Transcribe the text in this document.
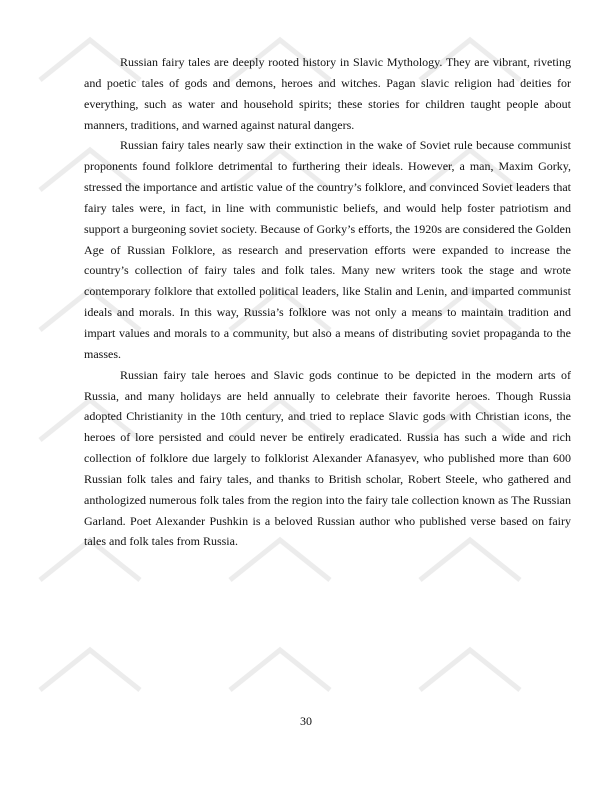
Russian fairy tales are deeply rooted history in Slavic Mythology. They are vibrant, riveting and poetic tales of gods and demons, heroes and witches. Pagan slavic religion had deities for everything, such as water and household spirits; these stories for children taught people about manners, traditions, and warned against natural dangers.

Russian fairy tales nearly saw their extinction in the wake of Soviet rule because communist proponents found folklore detrimental to furthering their ideals. However, a man, Maxim Gorky, stressed the importance and artistic value of the country’s folklore, and convinced Soviet leaders that fairy tales were, in fact, in line with communistic beliefs, and would help foster patriotism and support a burgeoning soviet society. Because of Gorky’s efforts, the 1920s are considered the Golden Age of Russian Folklore, as research and preservation efforts were expanded to increase the country’s collection of fairy tales and folk tales. Many new writers took the stage and wrote contemporary folklore that extolled political leaders, like Stalin and Lenin, and imparted communist ideals and morals. In this way, Russia’s folklore was not only a means to maintain tradition and impart values and morals to a community, but also a means of distributing soviet propaganda to the masses.

Russian fairy tale heroes and Slavic gods continue to be depicted in the modern arts of Russia, and many holidays are held annually to celebrate their favorite heroes. Though Russia adopted Christianity in the 10th century, and tried to replace Slavic gods with Christian icons, the heroes of lore persisted and could never be entirely eradicated. Russia has such a wide and rich collection of folklore due largely to folklorist Alexander Afanasyev, who published more than 600 Russian folk tales and fairy tales, and thanks to British scholar, Robert Steele, who gathered and anthologized numerous folk tales from the region into the fairy tale collection known as The Russian Garland. Poet Alexander Pushkin is a beloved Russian author who published verse based on fairy tales and folk tales from Russia.

30
